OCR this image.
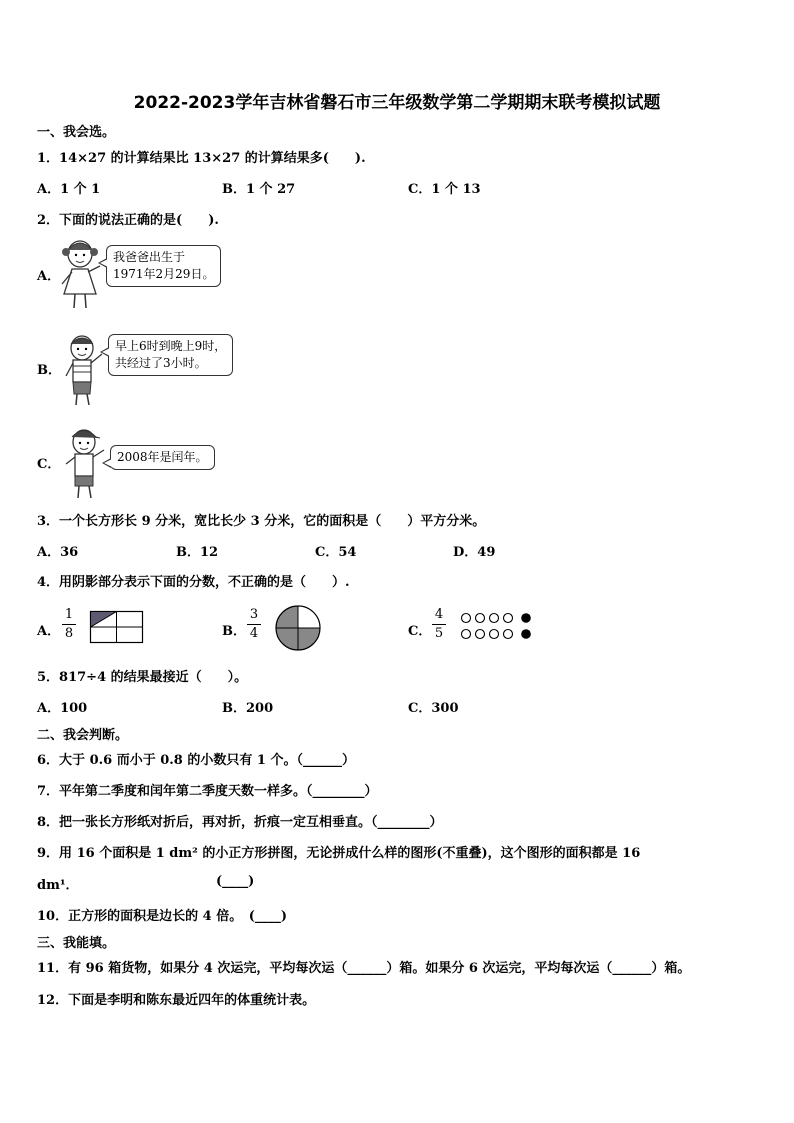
2022-2023学年吉林省磐石市三年级数学第二学期期末联考模拟试题
一、我会选。
1．14×27 的计算结果比 13×27 的计算结果多(　　).
A．1 个 1	B．1 个 27	C．1 个 13
2．下面的说法正确的是(　　).
A．
我爸爸出生于
1971年2月29日。
B．
早上6时到晚上9时，
共经过了3小时。
C．	2008年是闰年。
3．一个长方形长 9 分米，宽比长少 3 分米，它的面积是（　　）平方分米。
A．36	B．12	C．54	D．49
4．用阴影部分表示下面的分数，不正确的是（　　）.
A．
1
8	B．
3
4	C．
4
5
5．817÷4 的结果最接近（　　）。
A．100	B．200	C．300
二、我会判断。
6．大于 0.6 而小于 0.8 的小数只有 1 个。（______）
7．平年第二季度和闰年第二季度天数一样多。（________）
8．把一张长方形纸对折后，再对折，折痕一定互相垂直。（________）
9．用 16 个面积是 1 dm² 的小正方形拼图，无论拼成什么样的图形(不重叠)，这个图形的面积都是 16
dm¹．	(____)
10．正方形的面积是边长的 4 倍。　(____)
三、我能填。
11．有 96 箱货物，如果分 4 次运完，平均每次运（______）箱。如果分 6 次运完，平均每次运（______）箱。
12．下面是李明和陈东最近四年的体重统计表。
